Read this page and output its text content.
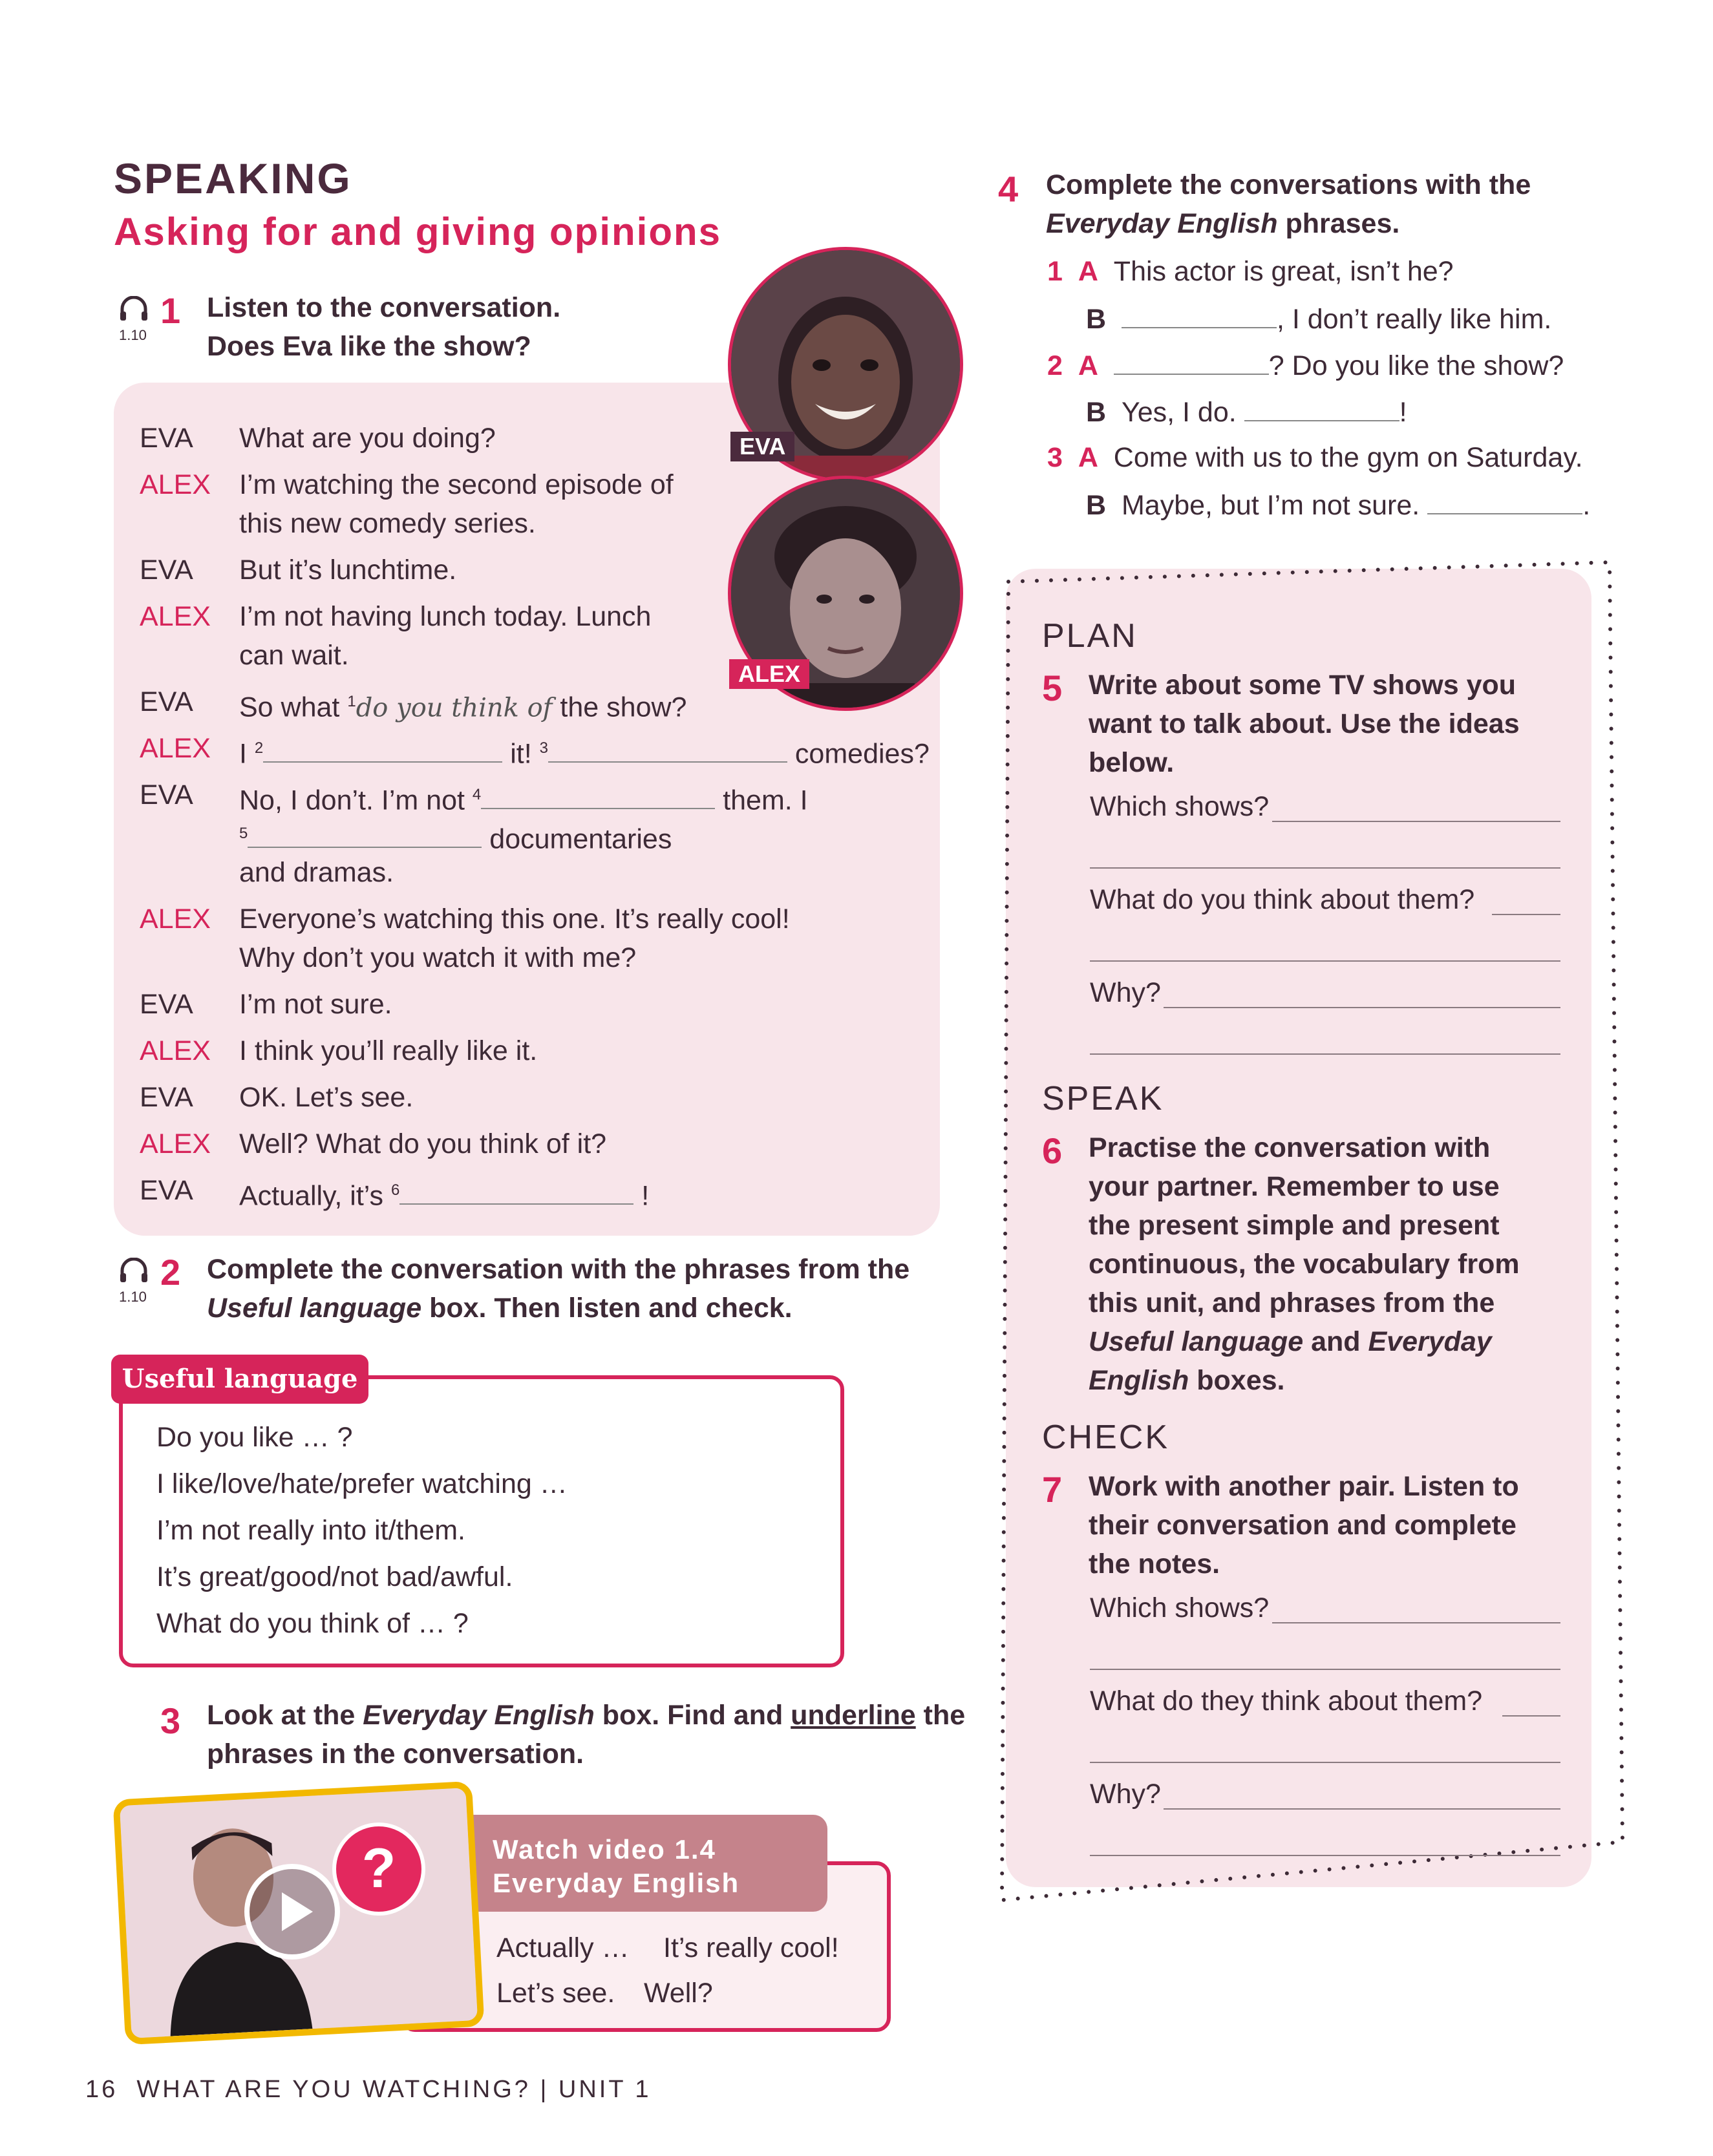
SPEAKING
Asking for and giving opinions
1.10
1 Listen to the conversation.
Does Eva like the show?
EVA What are you doing?
ALEX I’m watching the second episode of
this new comedy series.
EVA But it’s lunchtime.
ALEX I’m not having lunch today. Lunch
can wait.
EVA So what $^1$do you think of the show?
ALEX I $^2$	it! $^3$	comedies?
EVA No, I don’t. I’m not $^4$	them. I
$^5$	documentaries
and dramas.
ALEX Everyone’s watching this one. It’s really cool!
Why don’t you watch it with me?
EVA I’m not sure.
ALEX I think you’ll really like it.
EVA OK. Let’s see.
ALEX Well? What do you think of it?
EVA Actually, it’s $^6$	!
EVA
ALEX
1.10
2 Complete the conversation with the phrases from the
Useful language box. Then listen and check.
Do you like … ?
I like/love/hate/prefer watching …
I’m not really into it/them.
It’s great/good/not bad/awful.
What do you think of … ?
Useful language
3 Look at the Everyday English box. Find and underline the
phrases in the conversation.
Actually … It’s really cool!
Let’s see. Well?
Watch video 1.4
Everyday English
?
4 Complete the conversations with the
Everyday English phrases.
1 A This actor is great, isn’t he?
B	, I don’t really like him.
2 A	? Do you like the show?
B Yes, I do.	!
3 A Come with us to the gym on Saturday.
B Maybe, but I’m not sure.	.
PLAN
5 Write about some TV shows you
want to talk about. Use the ideas
below.
Which shows?
What do you think about them?
Why?
SPEAK
6 Practise the conversation with
your partner. Remember to use
the present simple and present
continuous, the vocabulary from
this unit, and phrases from the
Useful language and Everyday
English boxes.
CHECK
7 Work with another pair. Listen to
their conversation and complete
the notes.
Which shows?
What do they think about them?
Why?
16 WHAT ARE YOU WATCHING? | UNIT 1
